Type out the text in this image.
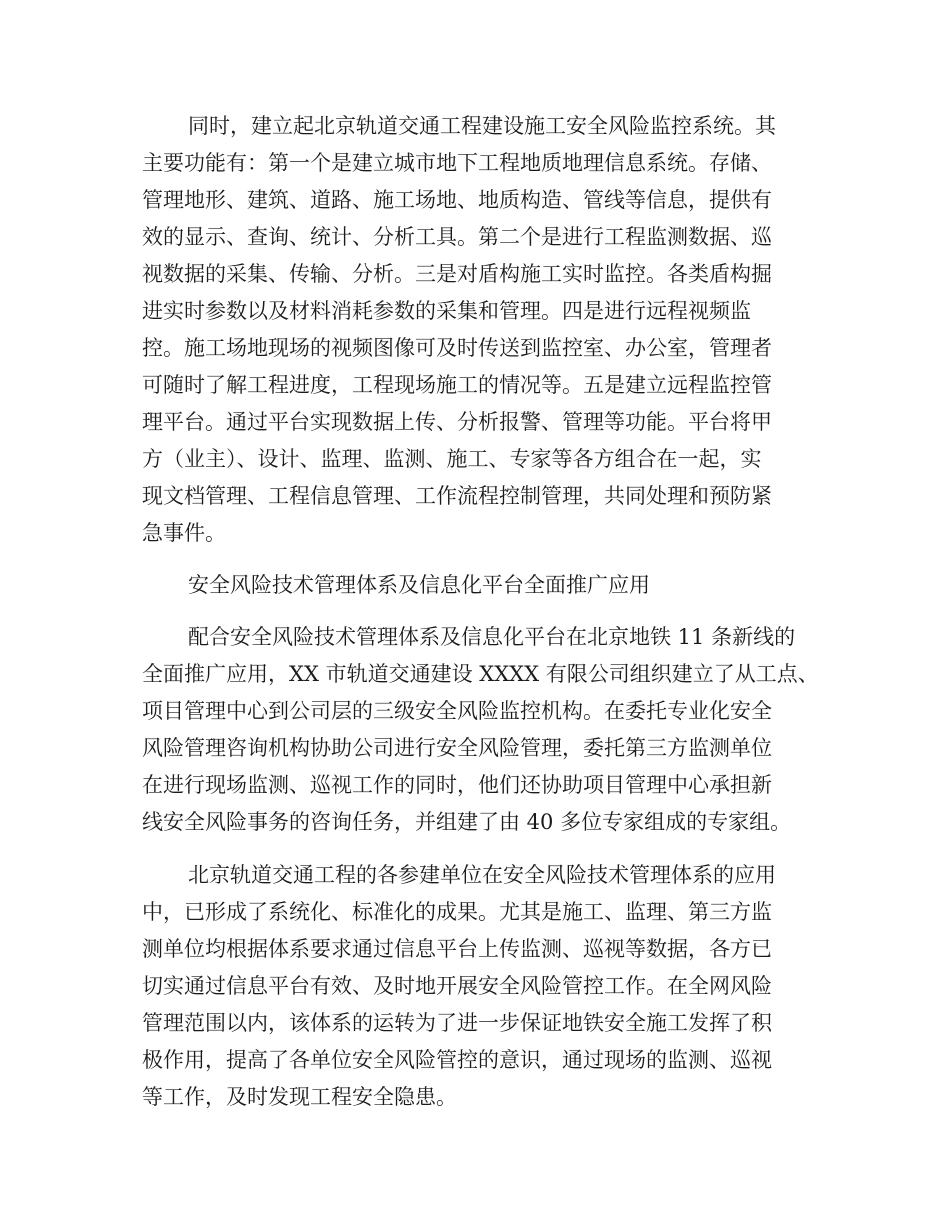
同时，建立起北京轨道交通工程建设施工安全风险监控系统。其
主要功能有：第一个是建立城市地下工程地质地理信息系统。存储、
管理地形、建筑、道路、施工场地、地质构造、管线等信息，提供有
效的显示、查询、统计、分析工具。第二个是进行工程监测数据、巡
视数据的采集、传输、分析。三是对盾构施工实时监控。各类盾构掘
进实时参数以及材料消耗参数的采集和管理。四是进行远程视频监
控。施工场地现场的视频图像可及时传送到监控室、办公室，管理者
可随时了解工程进度，工程现场施工的情况等。五是建立远程监控管
理平台。通过平台实现数据上传、分析报警、管理等功能。平台将甲
方（业主）、设计、监理、监测、施工、专家等各方组合在一起，实
现文档管理、工程信息管理、工作流程控制管理，共同处理和预防紧
急事件。
安全风险技术管理体系及信息化平台全面推广应用
配合安全风险技术管理体系及信息化平台在北京地铁 11 条新线的
全面推广应用，XX 市轨道交通建设 XXXX 有限公司组织建立了从工点、
项目管理中心到公司层的三级安全风险监控机构。在委托专业化安全
风险管理咨询机构协助公司进行安全风险管理，委托第三方监测单位
在进行现场监测、巡视工作的同时，他们还协助项目管理中心承担新
线安全风险事务的咨询任务，并组建了由 40 多位专家组成的专家组。
北京轨道交通工程的各参建单位在安全风险技术管理体系的应用
中，已形成了系统化、标准化的成果。尤其是施工、监理、第三方监
测单位均根据体系要求通过信息平台上传监测、巡视等数据，各方已
切实通过信息平台有效、及时地开展安全风险管控工作。在全网风险
管理范围以内，该体系的运转为了进一步保证地铁安全施工发挥了积
极作用，提高了各单位安全风险管控的意识，通过现场的监测、巡视
等工作，及时发现工程安全隐患。
